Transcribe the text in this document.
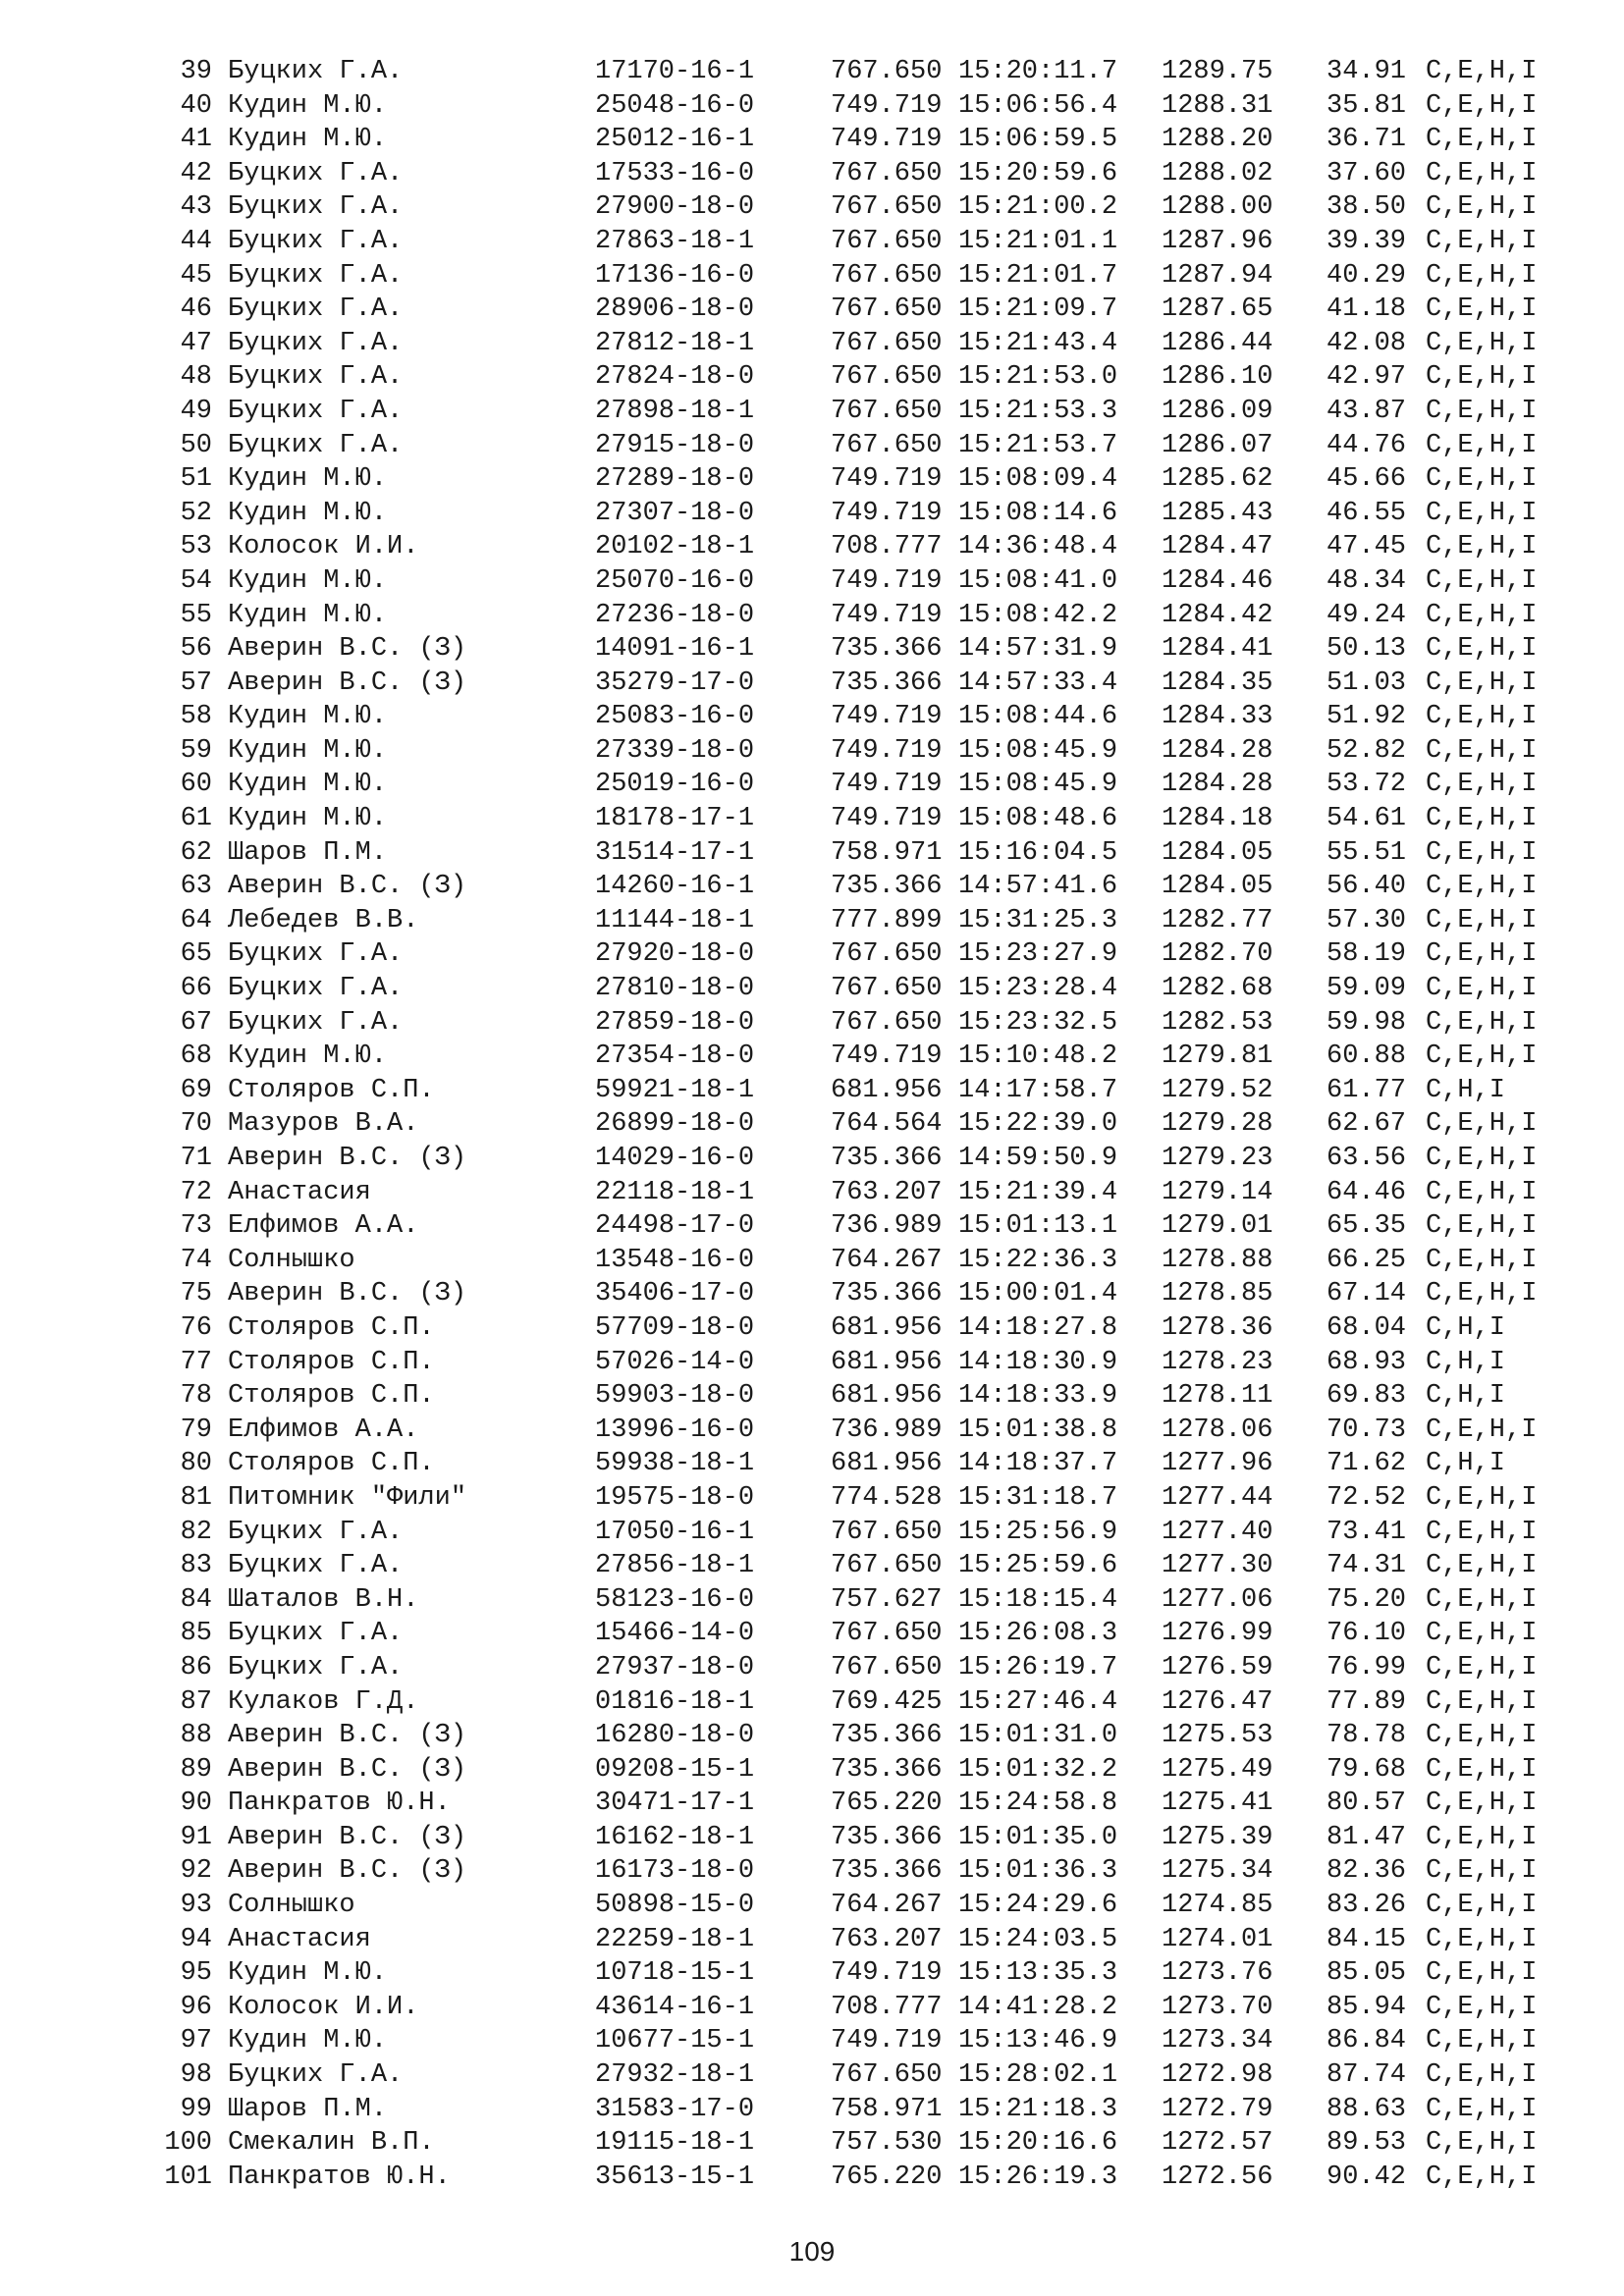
39 Буцких Г.А.	17170-16-1	767.650 15:20:11.7 1289.75 34.91 C,E,H,I
40 Кудин М.Ю.	25048-16-0	749.719 15:06:56.4 1288.31 35.81 C,E,H,I
41 Кудин М.Ю.	25012-16-1	749.719 15:06:59.5 1288.20 36.71 C,E,H,I
42 Буцких Г.А.	17533-16-0	767.650 15:20:59.6 1288.02 37.60 C,E,H,I
43 Буцких Г.А.	27900-18-0	767.650 15:21:00.2 1288.00 38.50 C,E,H,I
44 Буцких Г.А.	27863-18-1	767.650 15:21:01.1 1287.96 39.39 C,E,H,I
45 Буцких Г.А.	17136-16-0	767.650 15:21:01.7 1287.94 40.29 C,E,H,I
46 Буцких Г.А.	28906-18-0	767.650 15:21:09.7 1287.65 41.18 C,E,H,I
47 Буцких Г.А.	27812-18-1	767.650 15:21:43.4 1286.44 42.08 C,E,H,I
48 Буцких Г.А.	27824-18-0	767.650 15:21:53.0 1286.10 42.97 C,E,H,I
49 Буцких Г.А.	27898-18-1	767.650 15:21:53.3 1286.09 43.87 C,E,H,I
50 Буцких Г.А.	27915-18-0	767.650 15:21:53.7 1286.07 44.76 C,E,H,I
51 Кудин М.Ю.	27289-18-0	749.719 15:08:09.4 1285.62 45.66 C,E,H,I
52 Кудин М.Ю.	27307-18-0	749.719 15:08:14.6 1285.43 46.55 C,E,H,I
53 Колосок И.И.	20102-18-1	708.777 14:36:48.4 1284.47 47.45 C,E,H,I
54 Кудин М.Ю.	25070-16-0	749.719 15:08:41.0 1284.46 48.34 C,E,H,I
55 Кудин М.Ю.	27236-18-0	749.719 15:08:42.2 1284.42 49.24 C,E,H,I
56 Аверин В.С. (З)	14091-16-1	735.366 14:57:31.9 1284.41 50.13 C,E,H,I
57 Аверин В.С. (З)	35279-17-0	735.366 14:57:33.4 1284.35 51.03 C,E,H,I
58 Кудин М.Ю.	25083-16-0	749.719 15:08:44.6 1284.33 51.92 C,E,H,I
59 Кудин М.Ю.	27339-18-0	749.719 15:08:45.9 1284.28 52.82 C,E,H,I
60 Кудин М.Ю.	25019-16-0	749.719 15:08:45.9 1284.28 53.72 C,E,H,I
61 Кудин М.Ю.	18178-17-1	749.719 15:08:48.6 1284.18 54.61 C,E,H,I
62 Шаров П.М.	31514-17-1	758.971 15:16:04.5 1284.05 55.51 C,E,H,I
63 Аверин В.С. (З)	14260-16-1	735.366 14:57:41.6 1284.05 56.40 C,E,H,I
64 Лебедев В.В.	11144-18-1	777.899 15:31:25.3 1282.77 57.30 C,E,H,I
65 Буцких Г.А.	27920-18-0	767.650 15:23:27.9 1282.70 58.19 C,E,H,I
66 Буцких Г.А.	27810-18-0	767.650 15:23:28.4 1282.68 59.09 C,E,H,I
67 Буцких Г.А.	27859-18-0	767.650 15:23:32.5 1282.53 59.98 C,E,H,I
68 Кудин М.Ю.	27354-18-0	749.719 15:10:48.2 1279.81 60.88 C,E,H,I
69 Столяров С.П.	59921-18-1	681.956 14:17:58.7 1279.52 61.77 C,H,I
70 Мазуров В.А.	26899-18-0	764.564 15:22:39.0 1279.28 62.67 C,E,H,I
71 Аверин В.С. (З)	14029-16-0	735.366 14:59:50.9 1279.23 63.56 C,E,H,I
72 Анастасия	22118-18-1	763.207 15:21:39.4 1279.14 64.46 C,E,H,I
73 Елфимов А.А.	24498-17-0	736.989 15:01:13.1 1279.01 65.35 C,E,H,I
74 Солнышко	13548-16-0	764.267 15:22:36.3 1278.88 66.25 C,E,H,I
75 Аверин В.С. (З)	35406-17-0	735.366 15:00:01.4 1278.85 67.14 C,E,H,I
76 Столяров С.П.	57709-18-0	681.956 14:18:27.8 1278.36 68.04 C,H,I
77 Столяров С.П.	57026-14-0	681.956 14:18:30.9 1278.23 68.93 C,H,I
78 Столяров С.П.	59903-18-0	681.956 14:18:33.9 1278.11 69.83 C,H,I
79 Елфимов А.А.	13996-16-0	736.989 15:01:38.8 1278.06 70.73 C,E,H,I
80 Столяров С.П.	59938-18-1	681.956 14:18:37.7 1277.96 71.62 C,H,I
81 Питомник "Фили"	19575-18-0	774.528 15:31:18.7 1277.44 72.52 C,E,H,I
82 Буцких Г.А.	17050-16-1	767.650 15:25:56.9 1277.40 73.41 C,E,H,I
83 Буцких Г.А.	27856-18-1	767.650 15:25:59.6 1277.30 74.31 C,E,H,I
84 Шаталов В.Н.	58123-16-0	757.627 15:18:15.4 1277.06 75.20 C,E,H,I
85 Буцких Г.А.	15466-14-0	767.650 15:26:08.3 1276.99 76.10 C,E,H,I
86 Буцких Г.А.	27937-18-0	767.650 15:26:19.7 1276.59 76.99 C,E,H,I
87 Кулаков Г.Д.	01816-18-1	769.425 15:27:46.4 1276.47 77.89 C,E,H,I
88 Аверин В.С. (З)	16280-18-0	735.366 15:01:31.0 1275.53 78.78 C,E,H,I
89 Аверин В.С. (З)	09208-15-1	735.366 15:01:32.2 1275.49 79.68 C,E,H,I
90 Панкратов Ю.Н.	30471-17-1	765.220 15:24:58.8 1275.41 80.57 C,E,H,I
91 Аверин В.С. (З)	16162-18-1	735.366 15:01:35.0 1275.39 81.47 C,E,H,I
92 Аверин В.С. (З)	16173-18-0	735.366 15:01:36.3 1275.34 82.36 C,E,H,I
93 Солнышко	50898-15-0	764.267 15:24:29.6 1274.85 83.26 C,E,H,I
94 Анастасия	22259-18-1	763.207 15:24:03.5 1274.01 84.15 C,E,H,I
95 Кудин М.Ю.	10718-15-1	749.719 15:13:35.3 1273.76 85.05 C,E,H,I
96 Колосок И.И.	43614-16-1	708.777 14:41:28.2 1273.70 85.94 C,E,H,I
97 Кудин М.Ю.	10677-15-1	749.719 15:13:46.9 1273.34 86.84 C,E,H,I
98 Буцких Г.А.	27932-18-1	767.650 15:28:02.1 1272.98 87.74 C,E,H,I
99 Шаров П.М.	31583-17-0	758.971 15:21:18.3 1272.79 88.63 C,E,H,I
100 Смекалин В.П.	19115-18-1	757.530 15:20:16.6 1272.57 89.53 C,E,H,I
101 Панкратов Ю.Н.	35613-15-1	765.220 15:26:19.3 1272.56 90.42 C,E,H,I
109
